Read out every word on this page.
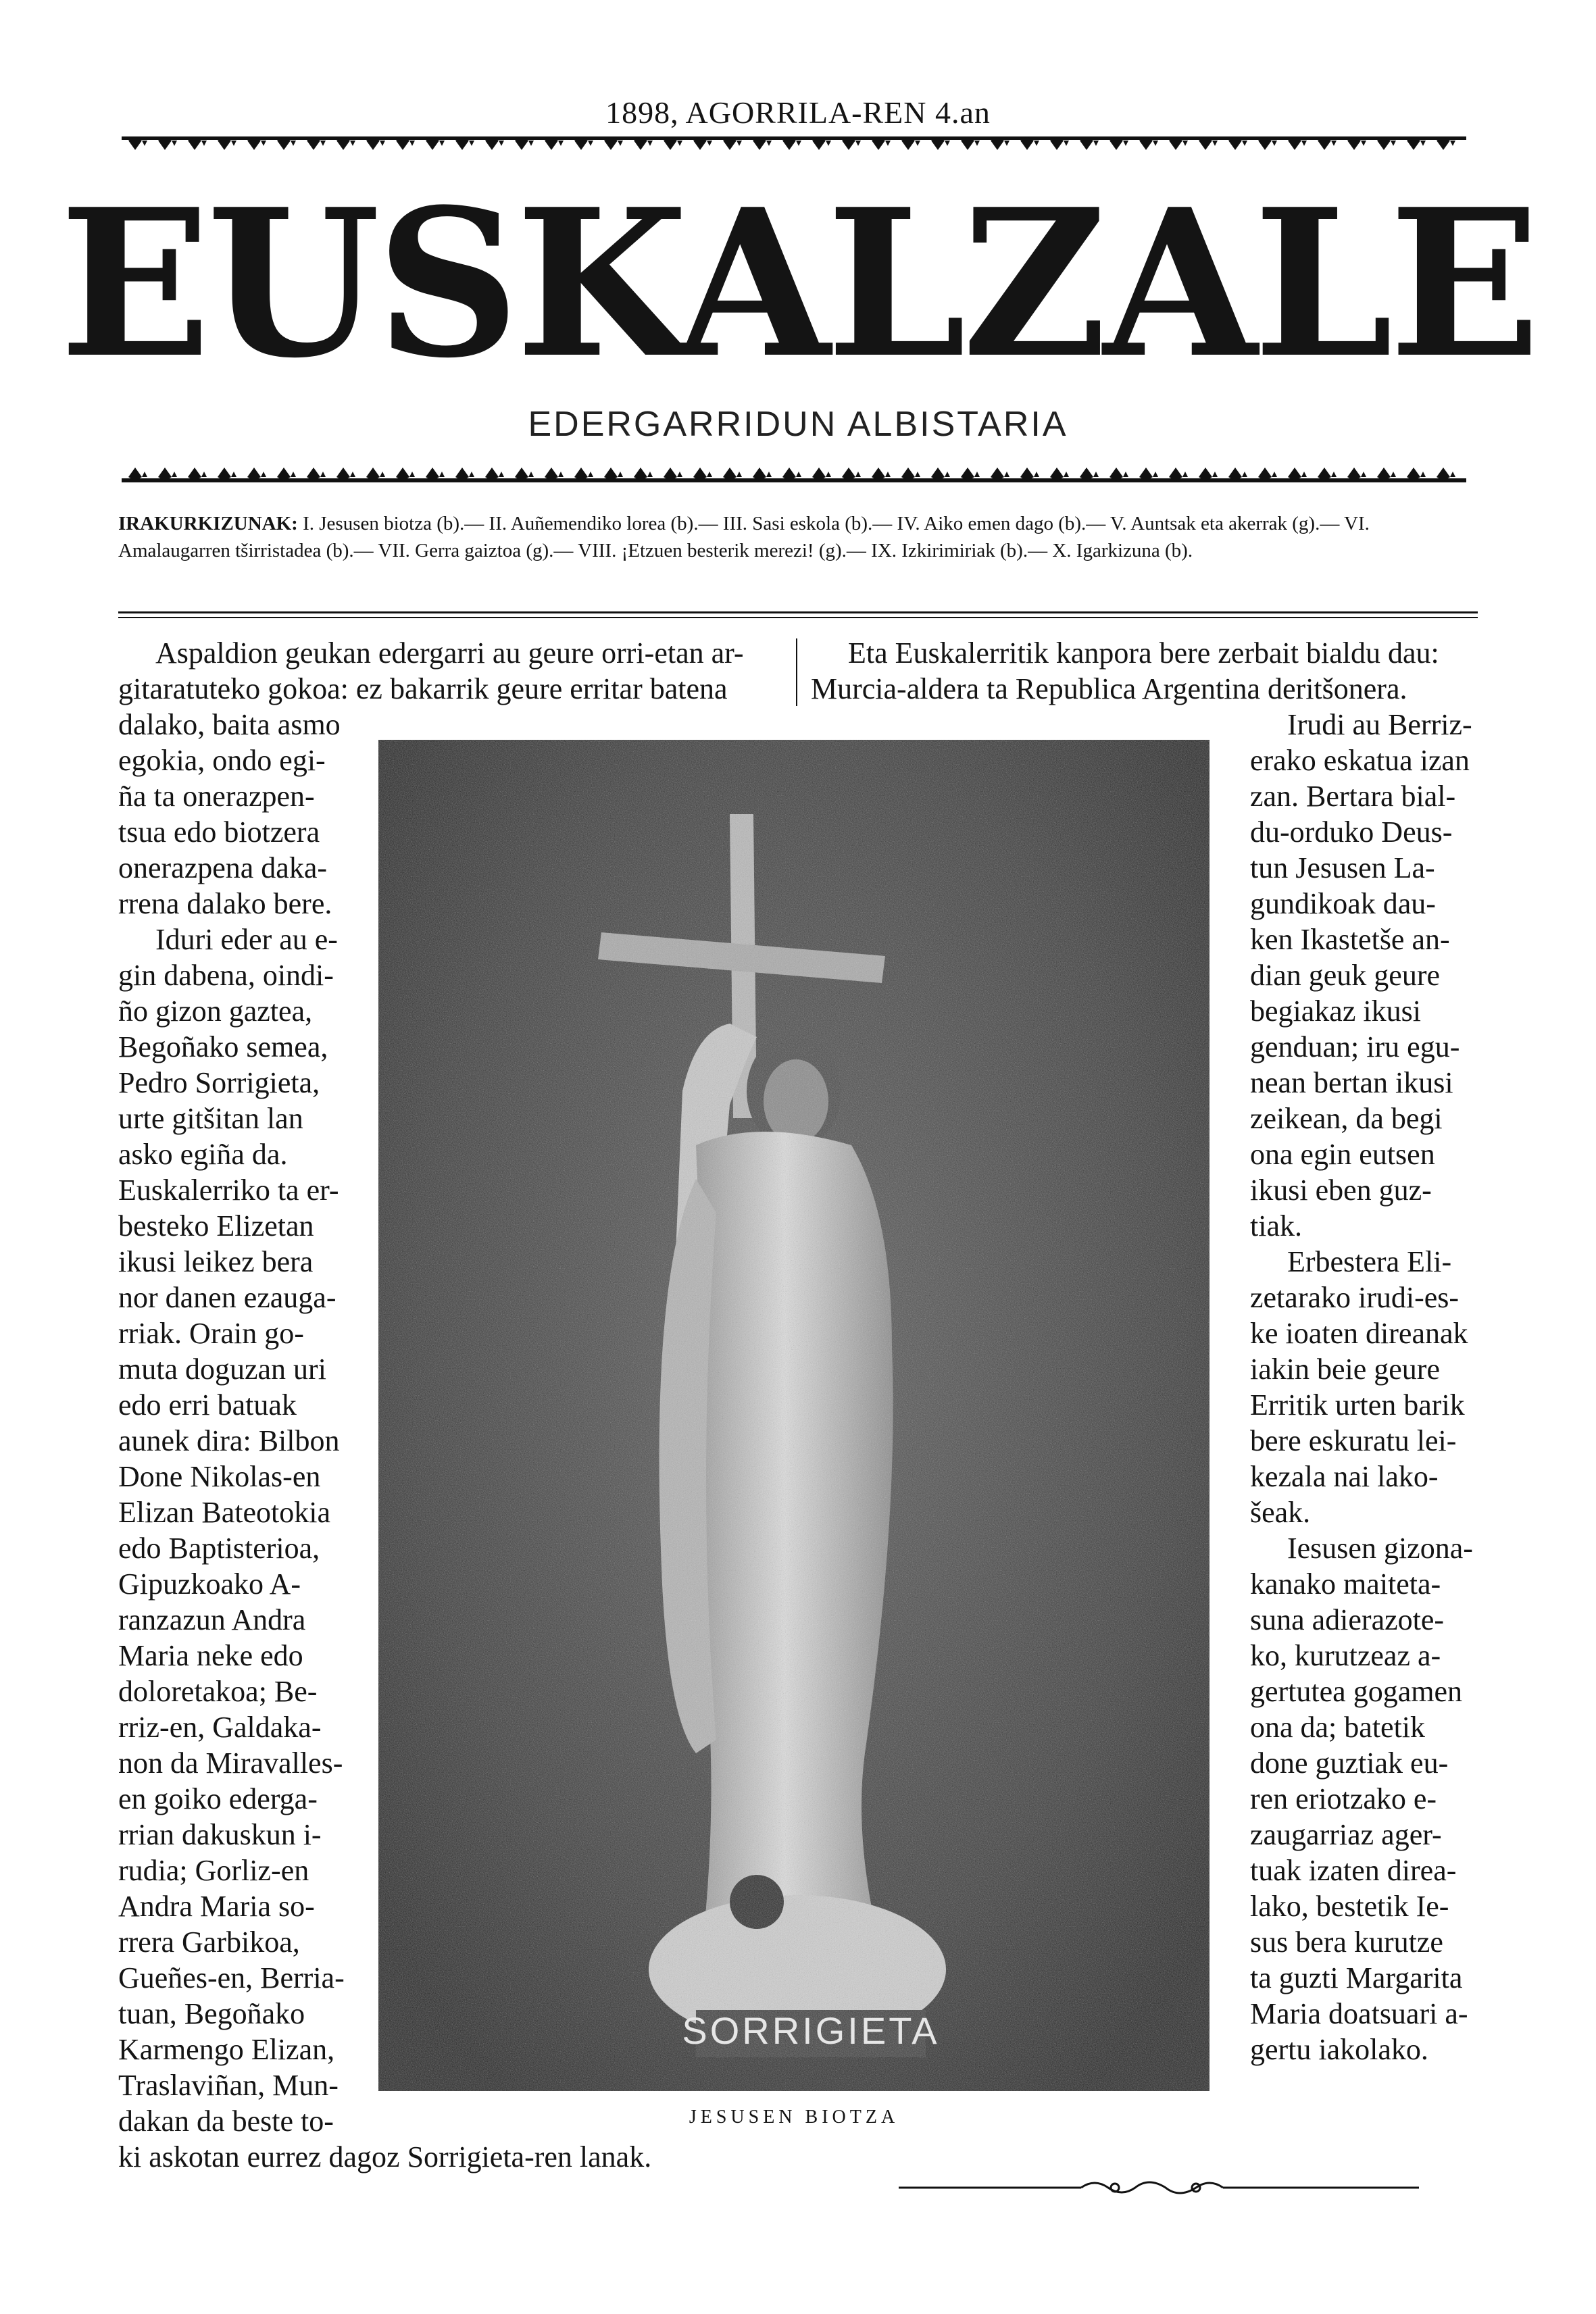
1898, AGORRILA-REN 4.an
EUSKALZALE
EDERGARRIDUN ALBISTARIA
IRAKURKIZUNAK: I. Jesusen biotza (b).— II. Auñemendiko lorea (b).— III. Sasi eskola (b).— IV. Aiko emen dago (b).— V. Auntsak eta akerrak (g).— VI. Amalaugarren tširristadea (b).— VII. Gerra gaiztoa (g).— VIII. ¡Etzuen besterik merezi! (g).— IX. Izkirimiriak (b).— X. Igarkizuna (b).
Aspaldion geukan edergarri au geure orri-etan ar-
gitaratuteko gokoa: ez bakarrik geure erritar batena
dalako, baita asmo
egokia, ondo egi-
ña ta onerazpen-
tsua edo biotzera
onerazpena daka-
rrena dalako bere.
Iduri eder au e-
gin dabena, oindi-
ño gizon gaztea,
Begoñako semea,
Pedro Sorrigieta,
urte gitšitan lan
asko egiña da.
Euskalerriko ta er-
besteko Elizetan
ikusi leikez bera
nor danen ezauga-
rriak. Orain go-
muta doguzan uri
edo erri batuak
aunek dira: Bilbon
Done Nikolas-en
Elizan Bateotokia
edo Baptisterioa,
Gipuzkoako A-
ranzazun Andra
Maria neke edo
doloretakoa; Be-
rriz-en, Galdaka-
non da Miravalles-
en goiko ederga-
rrian dakuskun i-
rudia; Gorliz-en
Andra Maria so-
rrera Garbikoa,
Gueñes-en, Berria-
tuan, Begoñako
Karmengo Elizan,
Traslaviñan, Mun-
dakan da beste to-
ki askotan eurrez dagoz Sorrigieta-ren lanak.
Eta Euskalerritik kanpora bere zerbait bialdu dau:
Murcia-aldera ta Republica Argentina deritšonera.
Irudi au Berriz-
erako eskatua izan
zan. Bertara bial-
du-orduko Deus-
tun Jesusen La-
gundikoak dau-
ken Ikastetše an-
dian geuk geure
begiakaz ikusi
genduan; iru egu-
nean bertan ikusi
zeikean, da begi
ona egin eutsen
ikusi eben guz-
tiak.
Erbestera Eli-
zetarako irudi-es-
ke ioaten direanak
iakin beie geure
Erritik urten barik
bere eskuratu lei-
kezala nai lako-
šeak.
Iesusen gizona-
kanako maiteta-
suna adierazote-
ko, kurutzeaz a-
gertutea gogamen
ona da; batetik
done guztiak eu-
ren eriotzako e-
zaugarriaz ager-
tuak izaten direa-
lako, bestetik Ie-
sus bera kurutze
ta guzti Margarita
Maria doatsuari a-
gertu iakolako.
SORRIGIETA
JESUSEN BIOTZA
